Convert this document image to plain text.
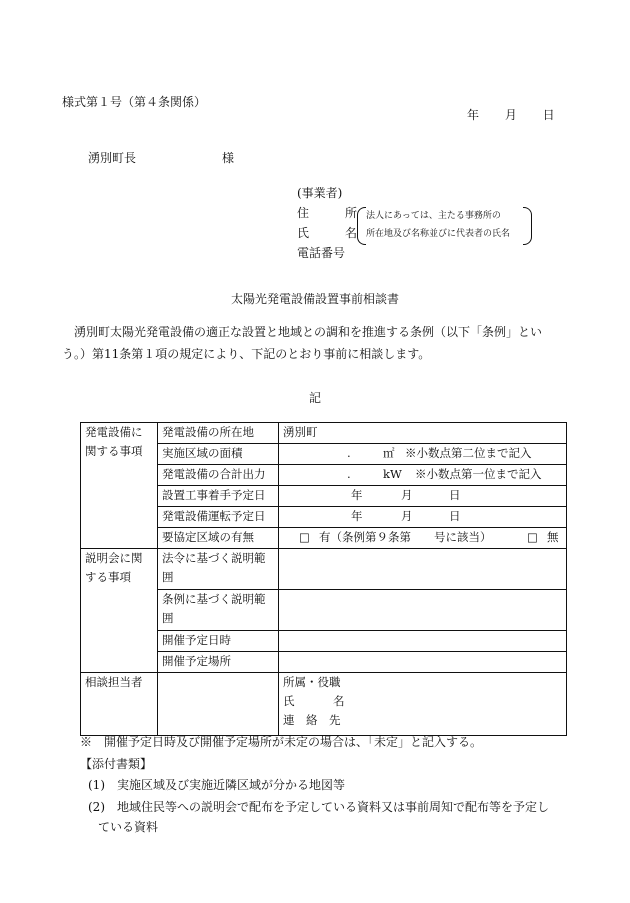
様式第１号（第４条関係）
年 月 日
湧別町長	様
(事業者)
住	所
氏	名
電話番号
法人にあっては、主たる事務所の
所在地及び名称並びに代表者の氏名
太陽光発電設備設置事前相談書

湧別町太陽光発電設備の適正な設置と地域との調和を推進する条例（以下「条例」という。）第11条第１項の規定により、下記のとおり事前に相談します。

記
発電設備に関する事項	発電設備の所在地	湧別町
	実施区域の面積	. ㎡ ※小数点第二位まで記入

	発電設備の合計出力	. kW ※小数点第一位まで記入

	設置工事着手予定日	年 月 日

	発電設備運転予定日	年 月 日

	要協定区域の有無	□ 有（条例第９条第　　号に該当） □ 無

説明会に関する事項	法令に基づく説明範囲	
	条例に基づく説明範囲	
	開催予定日時	
	開催予定場所	
相談担当者		所属・役職
氏 名
連　絡　先
※　開催予定日時及び開催予定場所が未定の場合は、「未定」と記入する。
【添付書類】
(1)　実施区域及び実施近隣区域が分かる地図等
(2)　地域住民等への説明会で配布を予定している資料又は事前周知で配布等を予定し
ている資料
